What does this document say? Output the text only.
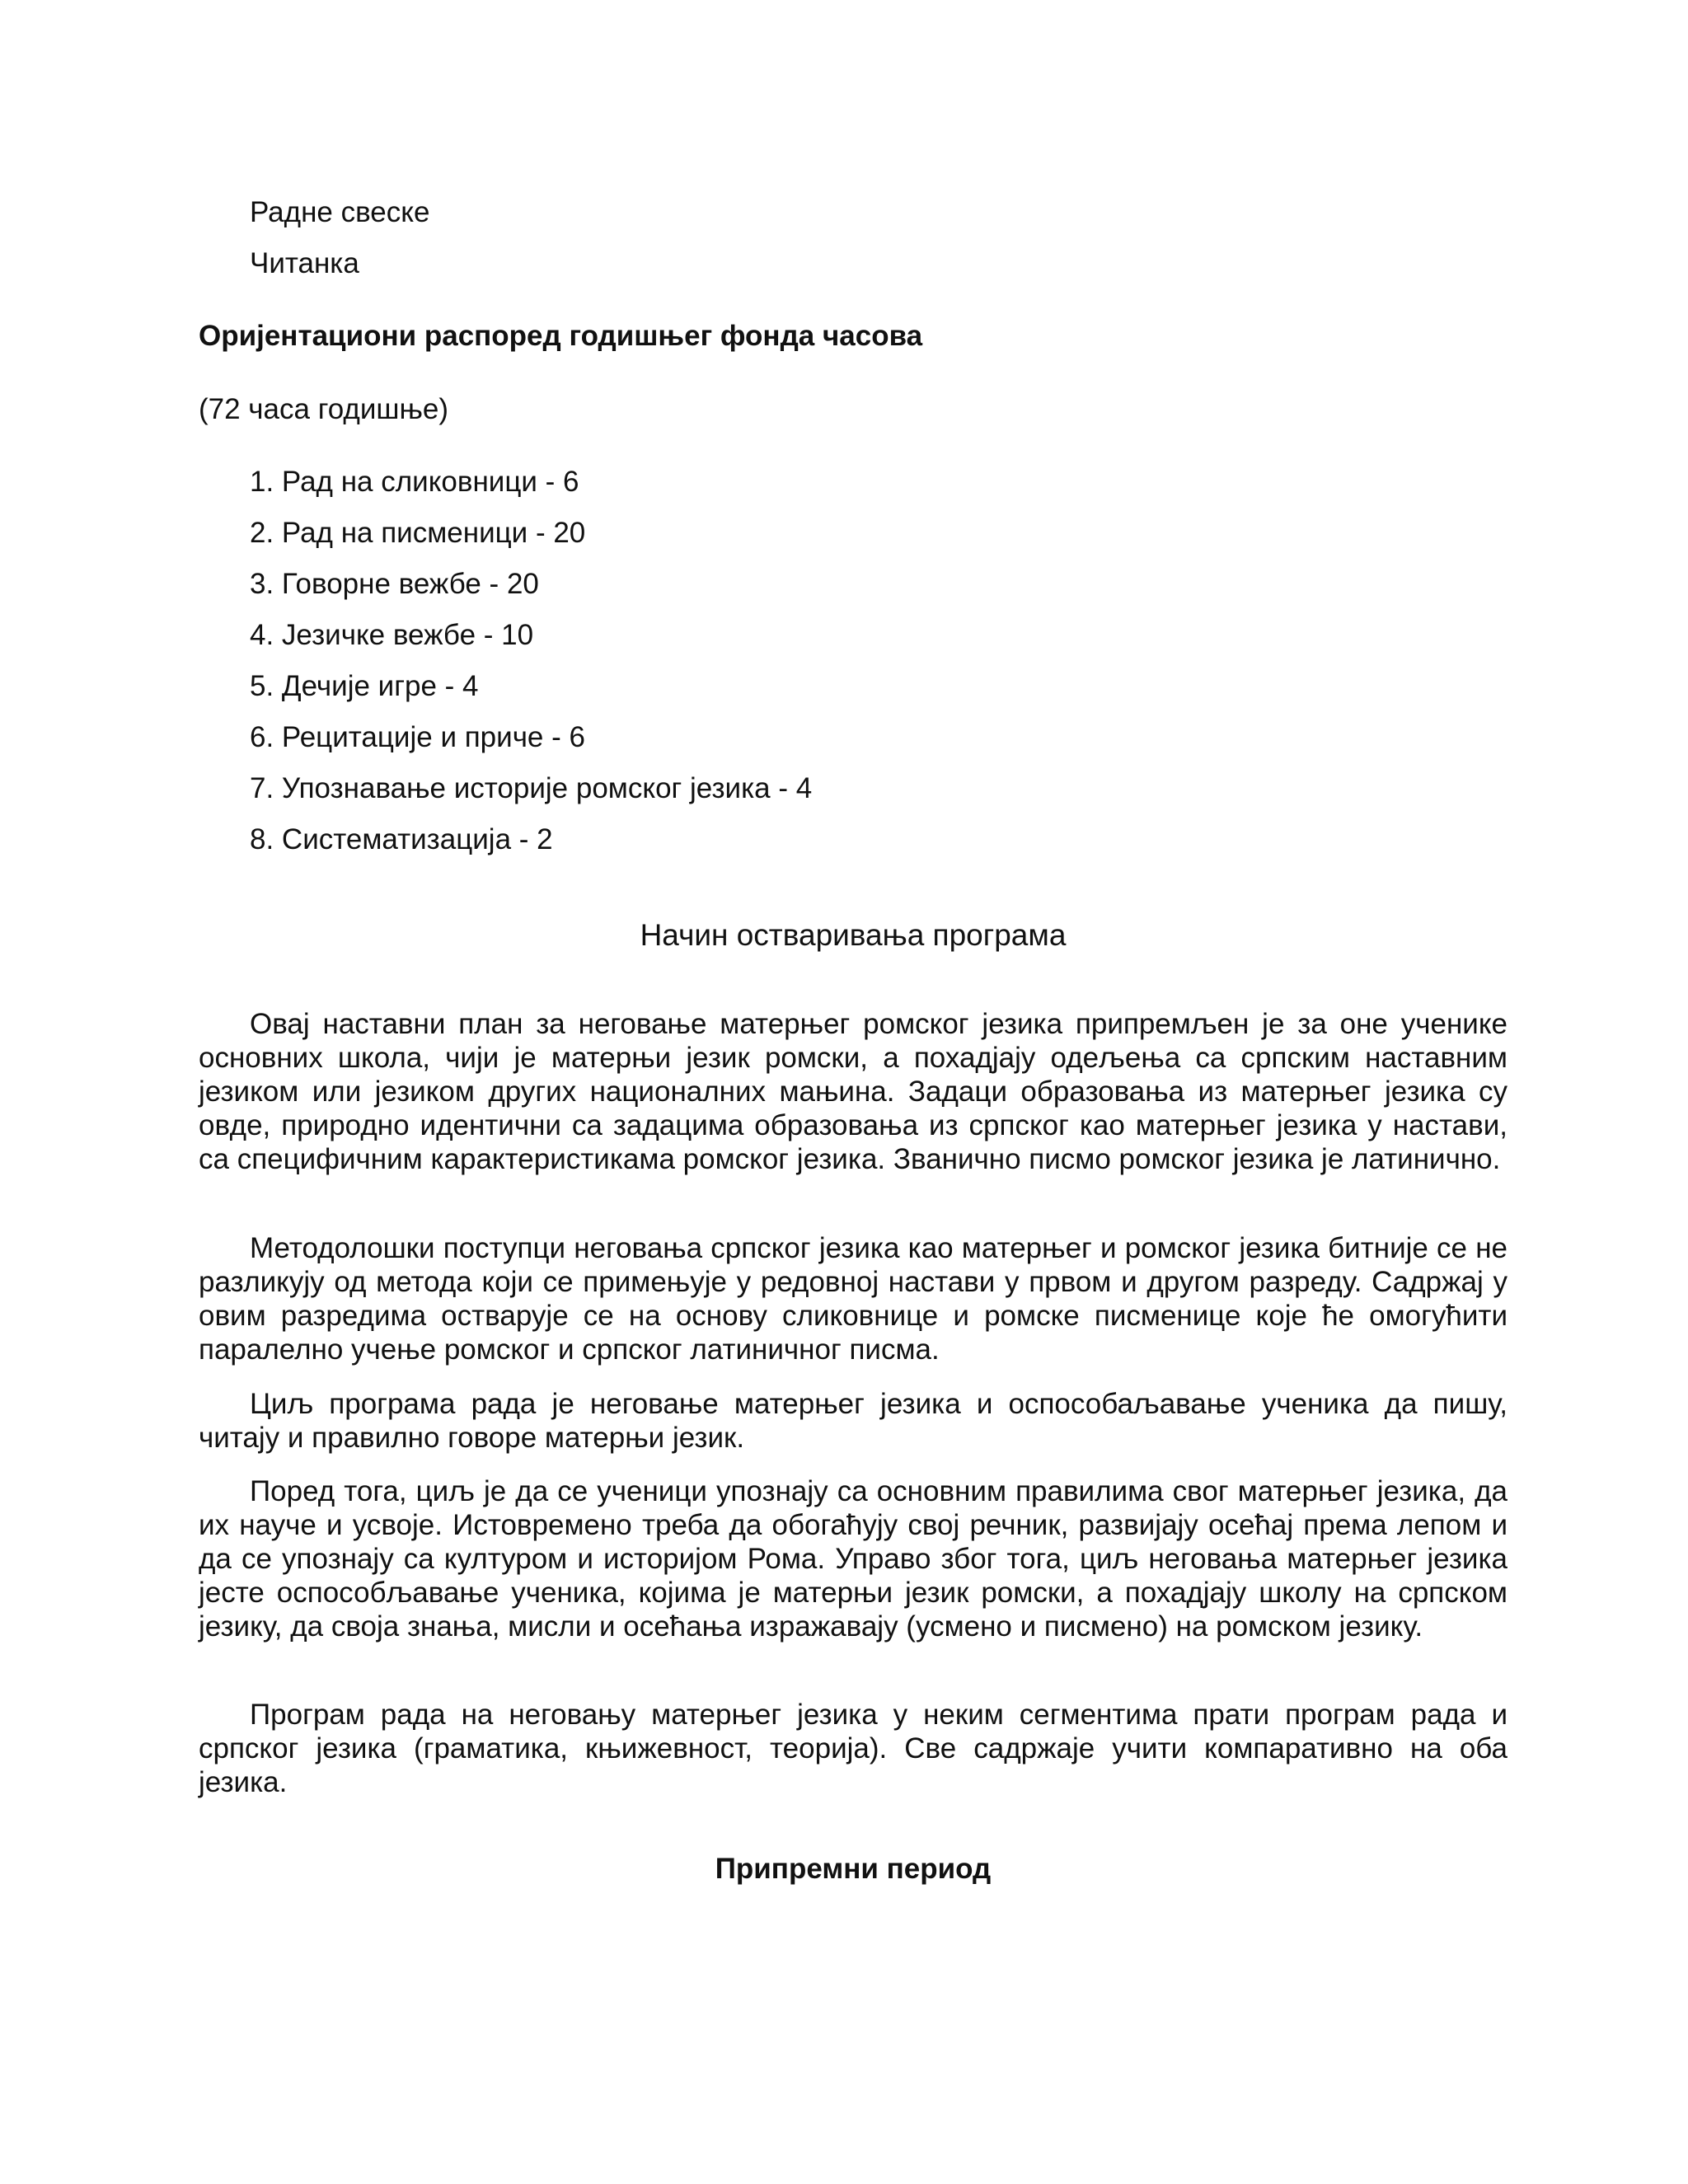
Радне свеске
Читанка
Оријентациони распоред годишњег фонда часова
(72 часа годишње)
1. Рад на сликовници - 6
2. Рад на писменици - 20
3. Говорне вежбе - 20
4. Језичке вежбе - 10
5. Дечије игре - 4
6. Рецитације и приче - 6
7. Упознавање историје ромског језика - 4
8. Систематизација - 2
Начин остваривања програма

Овај наставни план за неговање матерњег ромског језика припремљен је за оне ученике основних школа, чији је матерњи језик ромски, а похадјају одељења са српским наставним језиком или језиком других националних мањина. Задаци образовања из матерњег језика су овде, природно идентични са задацима образовања из српског као матерњег језика у настави, са специфичним карактеристикама ромског језика. Званично писмо ромског језика је латинично.

Методолошки поступци неговања српског језика као матерњег и ромског језика битније се не разликују од метода који се примењује у редовној настави у првом и другом разреду. Садржај у овим разредима остварује се на основу сликовнице и ромске писменице које ће омогућити паралелно учење ромског и српског латиничног писма.

Циљ програма рада је неговање матерњег језика и оспособаљавање ученика да пишу, читају и правилно говоре матерњи језик.

Поред тога, циљ је да се ученици упознају са основним правилима свог матерњег језика, да их науче и усвоје. Истовремено треба да обогаћују свој речник, развијају осећај према лепом и да се упознају са културом и историјом Рома. Управо због тога, циљ неговања матерњег језика јесте оспособљавање ученика, којима је матерњи језик ромски, а похадјају школу на српском језику, да своја знања, мисли и осећања изражавају (усмено и писмено) на ромском језику.

Програм рада на неговању матерњег језика у неким сегментима прати програм рада и српског језика (граматика, књижевност, теорија). Све садржаје учити компаративно на оба језика.

Припремни период
